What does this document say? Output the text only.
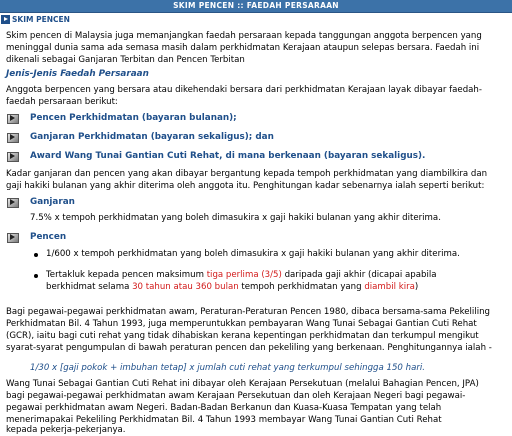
SKIM PENCEN :: FAEDAH PERSARAAN
SKIM PENCEN
Skim pencen di Malaysia juga memanjangkan faedah persaraan kepada tanggungan anggota berpencen yang
meninggal dunia sama ada semasa masih dalam perkhidmatan Kerajaan ataupun selepas bersara. Faedah ini
dikenali sebagai Ganjaran Terbitan dan Pencen Terbitan
Jenis-Jenis Faedah Persaraan
Anggota berpencen yang bersara atau dikehendaki bersara dari perkhidmatan Kerajaan layak dibayar faedah-
faedah persaraan berikut:
Pencen Perkhidmatan (bayaran bulanan);
Ganjaran Perkhidmatan (bayaran sekaligus); dan
Award Wang Tunai Gantian Cuti Rehat, di mana berkenaan (bayaran sekaligus).
Kadar ganjaran dan pencen yang akan dibayar bergantung kepada tempoh perkhidmatan yang diambilkira dan
gaji hakiki bulanan yang akhir diterima oleh anggota itu. Penghitungan kadar sebenarnya ialah seperti berikut:
Ganjaran
7.5% x tempoh perkhidmatan yang boleh dimasukira x gaji hakiki bulanan yang akhir diterima.
Pencen
1/600 x tempoh perkhidmatan yang boleh dimasukira x gaji hakiki bulanan yang akhir diterima.
Tertakluk kepada pencen maksimum tiga perlima (3/5) daripada gaji akhir (dicapai apabila
berkhidmat selama 30 tahun atau 360 bulan tempoh perkhidmatan yang diambil kira)
Bagi pegawai-pegawai perkhidmatan awam, Peraturan-Peraturan Pencen 1980, dibaca bersama-sama Pekeliling
Perkhidmatan Bil. 4 Tahun 1993, juga memperuntukkan pembayaran Wang Tunai Sebagai Gantian Cuti Rehat
(GCR), iaitu bagi cuti rehat yang tidak dihabiskan kerana kepentingan perkhidmatan dan terkumpul mengikut
syarat-syarat pengumpulan di bawah peraturan pencen dan pekeliling yang berkenaan. Penghitungannya ialah -
1/30 x [gaji pokok + imbuhan tetap] x jumlah cuti rehat yang terkumpul sehingga 150 hari.
Wang Tunai Sebagai Gantian Cuti Rehat ini dibayar oleh Kerajaan Persekutuan (melalui Bahagian Pencen, JPA)
bagi pegawai-pegawai perkhidmatan awam Kerajaan Persekutuan dan oleh Kerajaan Negeri bagi pegawai-
pegawai perkhidmatan awam Negeri. Badan-Badan Berkanun dan Kuasa-Kuasa Tempatan yang telah
menerimapakai Pekeliling Perkhidmatan Bil. 4 Tahun 1993 membayar Wang Tunai Gantian Cuti Rehat
kepada pekerja-pekerjanya.
